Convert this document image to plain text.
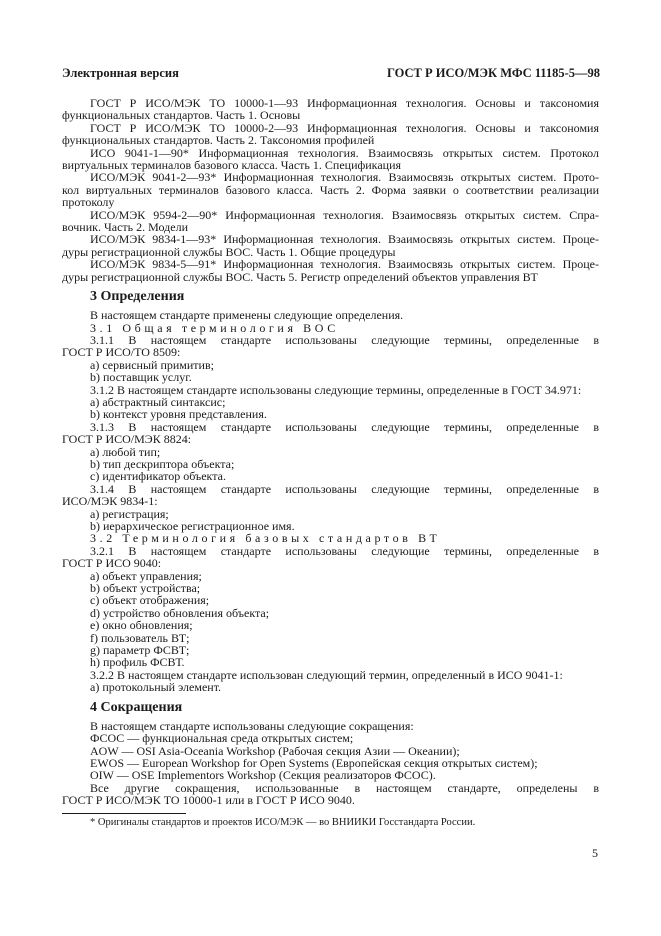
Электронная версия	ГОСТ Р ИСО/МЭК МФС 11185-5—98
ГОСТ Р ИСО/МЭК ТО 10000-1—93 Информационная технология. Основы и таксономия
функциональных стандартов. Часть 1. Основы
ГОСТ Р ИСО/МЭК ТО 10000-2—93 Информационная технология. Основы и таксономия
функциональных стандартов. Часть 2. Таксономия профилей
ИСО 9041-1—90* Информационная технология. Взаимосвязь открытых систем. Протокол
виртуальных терминалов базового класса. Часть 1. Спецификация
ИСО/МЭК 9041-2—93* Информационная технология. Взаимосвязь открытых систем. Прото-
кол виртуальных терминалов базового класса. Часть 2. Форма заявки о соответствии реализации
протоколу
ИСО/МЭК 9594-2—90* Информационная технология. Взаимосвязь открытых систем. Спра-
вочник. Часть 2. Модели
ИСО/МЭК 9834-1—93* Информационная технология. Взаимосвязь открытых систем. Проце-
дуры регистрационной службы ВОС. Часть 1. Общие процедуры
ИСО/МЭК 9834-5—91* Информационная технология. Взаимосвязь открытых систем. Проце-
дуры регистрационной службы ВОС. Часть 5. Регистр определений объектов управления ВТ
3 Определения
В настоящем стандарте применены следующие определения.
3.1 Общая терминология ВОС
3.1.1 В настоящем стандарте использованы следующие термины, определенные в
ГОСТ Р ИСО/ТО 8509:
a) сервисный примитив;
b) поставщик услуг.
3.1.2 В настоящем стандарте использованы следующие термины, определенные в ГОСТ 34.971:
a) абстрактный синтаксис;
b) контекст уровня представления.
3.1.3 В настоящем стандарте использованы следующие термины, определенные в
ГОСТ Р ИСО/МЭК 8824:
a) любой тип;
b) тип дескриптора объекта;
c) идентификатор объекта.
3.1.4 В настоящем стандарте использованы следующие термины, определенные в
ИСО/МЭК 9834-1:
a) регистрация;
b) иерархическое регистрационное имя.
3.2 Терминология базовых стандартов ВТ
3.2.1 В настоящем стандарте использованы следующие термины, определенные в
ГОСТ Р ИСО 9040:
a) объект управления;
b) объект устройства;
c) объект отображения;
d) устройство обновления объекта;
e) окно обновления;
f) пользователь ВТ;
g) параметр ФСВТ;
h) профиль ФСВТ.
3.2.2 В настоящем стандарте использован следующий термин, определенный в ИСО 9041-1:
a) протокольный элемент.
4 Сокращения
В настоящем стандарте использованы следующие сокращения:
ФСОС — функциональная среда открытых систем;
AOW — OSI Asia-Oceania Workshop (Рабочая секция Азии — Океании);
EWOS — European Workshop for Open Systems (Европейская секция открытых систем);
OIW — OSE Implementors Workshop (Секция реализаторов ФСОС).
Все другие сокращения, использованные в настоящем стандарте, определены в
ГОСТ Р ИСО/МЭК ТО 10000-1 или в ГОСТ Р ИСО 9040.
* Оригиналы стандартов и проектов ИСО/МЭК — во ВНИИКИ Госстандарта России.
5
